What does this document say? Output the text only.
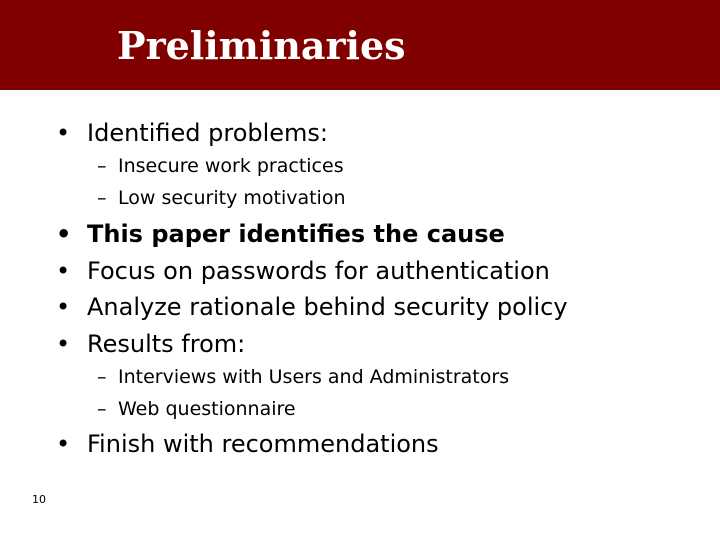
Preliminaries
• Identified problems:
– Insecure work practices
– Low security motivation
• This paper identifies the cause
• Focus on passwords for authentication
• Analyze rationale behind security policy
• Results from:
– Interviews with Users and Administrators
– Web questionnaire
• Finish with recommendations
10
